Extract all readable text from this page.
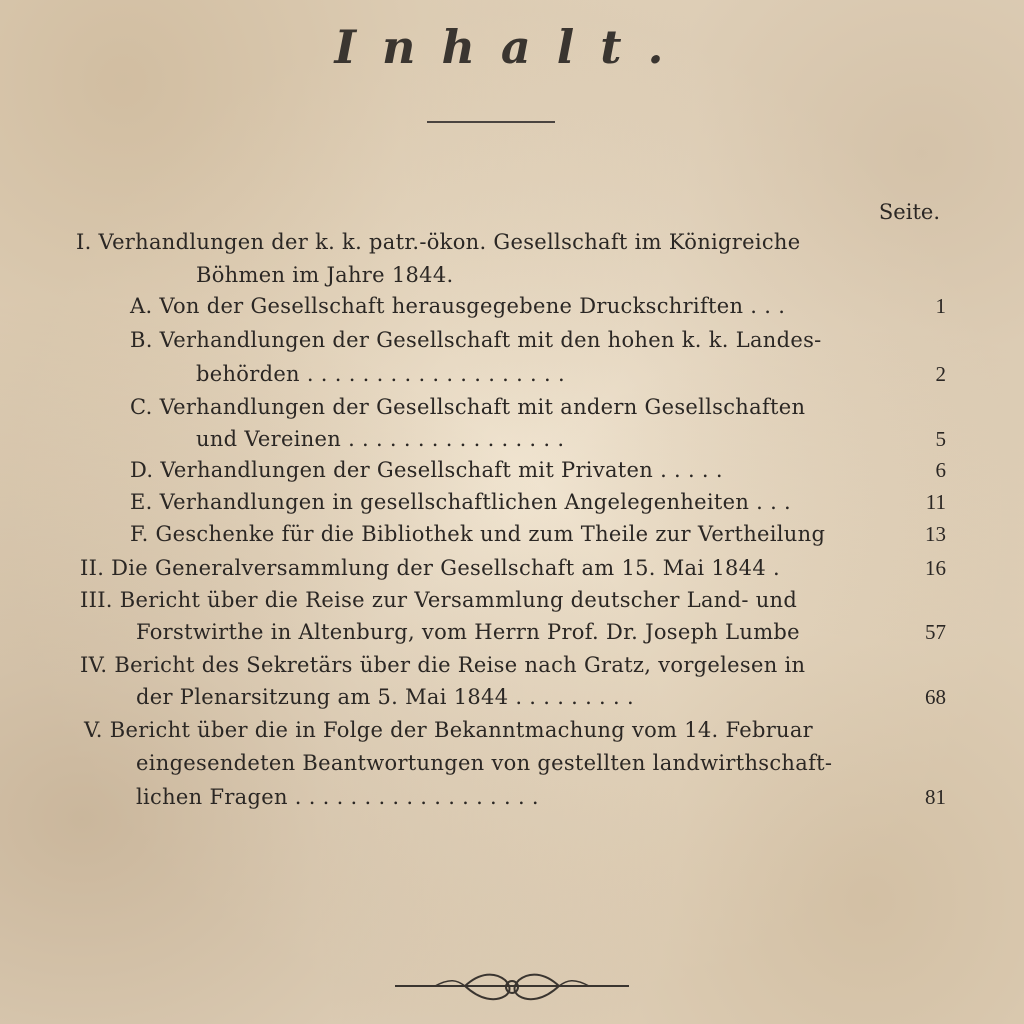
Inhalt.
Seite.
I. Verhandlungen der k. k. patr.-ökon. Gesellschaft im Königreiche
Böhmen im Jahre 1844.
A. Von der Gesellschaft herausgegebene Druckschriften . . .	1
B. Verhandlungen der Gesellschaft mit den hohen k. k. Landes-
behörden . . . . . . . . . . . . . . . . . . .	2
C. Verhandlungen der Gesellschaft mit andern Gesellschaften
und Vereinen . . . . . . . . . . . . . . . .	5
D. Verhandlungen der Gesellschaft mit Privaten . . . . .	6
E. Verhandlungen in gesellschaftlichen Angelegenheiten . . .	11
F. Geschenke für die Bibliothek und zum Theile zur Vertheilung	13
II. Die Generalversammlung der Gesellschaft am 15. Mai 1844 .	16
III. Bericht über die Reise zur Versammlung deutscher Land- und
Forstwirthe in Altenburg, vom Herrn Prof. Dr. Joseph Lumbe	57
IV. Bericht des Sekretärs über die Reise nach Gratz, vorgelesen in
der Plenarsitzung am 5. Mai 1844 . . . . . . . . .	68
V. Bericht über die in Folge der Bekanntmachung vom 14. Februar
eingesendeten Beantwortungen von gestellten landwirthschaft-
lichen Fragen . . . . . . . . . . . . . . . . . .	81
